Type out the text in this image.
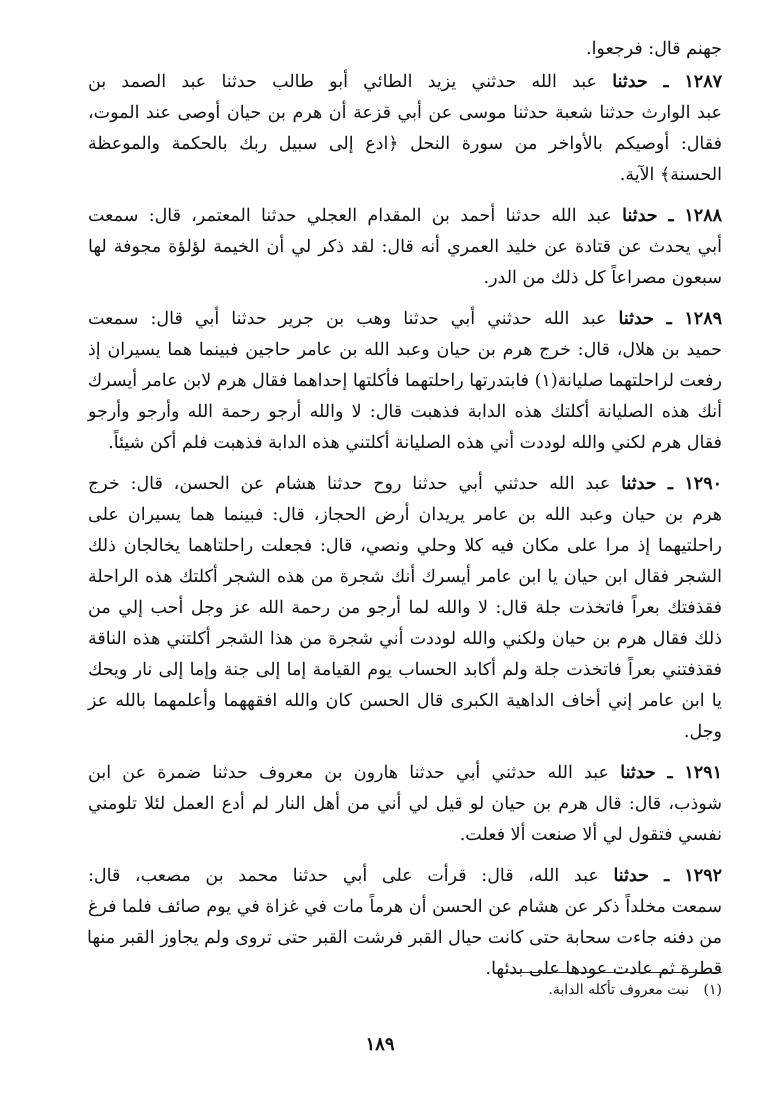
جهنم قال: فرجعوا.
١٢٨٧ ـ حدثنا عبد الله حدثني يزيد الطائي أبو طالب حدثنا عبد الصمد بن
عبد الوارث حدثنا شعبة حدثنا موسى عن أبي قزعة أن هرم بن حيان أوصى عند الموت،
فقال: أوصيكم بالأواخر من سورة النحل ﴿ادع إلى سبيل ربك بالحكمة والموعظة
الحسنة﴾ الآية.
١٢٨٨ ـ حدثنا عبد الله حدثنا أحمد بن المقدام العجلي حدثنا المعتمر، قال: سمعت
أبي يحدث عن قتادة عن خليد العمري أنه قال: لقد ذكر لي أن الخيمة لؤلؤة مجوفة لها
سبعون مصراعاً كل ذلك من الدر.
١٢٨٩ ـ حدثنا عبد الله حدثني أبي حدثنا وهب بن جرير حدثنا أبي قال: سمعت
حميد بن هلال، قال: خرج هرم بن حيان وعبد الله بن عامر حاجين فبينما هما يسيران إذ
رفعت لراحلتهما صليانة(١) فابتدرتها راحلتهما فأكلتها إحداهما فقال هرم لابن عامر أيسرك
أنك هذه الصليانة أكلتك هذه الدابة فذهبت قال: لا والله أرجو رحمة الله وأرجو وأرجو
فقال هرم لكني والله لوددت أني هذه الصليانة أكلتني هذه الدابة فذهبت فلم أكن شيئاً.
١٢٩٠ ـ حدثنا عبد الله حدثني أبي حدثنا روح حدثنا هشام عن الحسن، قال: خرج
هرم بن حيان وعبد الله بن عامر يريدان أرض الحجاز، قال: فبينما هما يسيران على
راحلتيهما إذ مرا على مكان فيه كلا وحلي ونصي، قال: فجعلت راحلتاهما يخالجان ذلك
الشجر فقال ابن حيان يا ابن عامر أيسرك أنك شجرة من هذه الشجر أكلتك هذه الراحلة
فقذفتك بعراً فاتخذت جلة قال: لا والله لما أرجو من رحمة الله عز وجل أحب إلي من
ذلك فقال هرم بن حيان ولكني والله لوددت أني شجرة من هذا الشجر أكلتني هذه الناقة
فقذفتني بعراً فاتخذت جلة ولم أكابد الحساب يوم القيامة إما إلى جنة وإما إلى نار ويحك
يا ابن عامر إني أخاف الداهية الكبرى قال الحسن كان والله افقههما وأعلمهما بالله عز
وجل.
١٢٩١ ـ حدثنا عبد الله حدثني أبي حدثنا هارون بن معروف حدثنا ضمرة عن ابن
شوذب، قال: قال هرم بن حيان لو قيل لي أني من أهل النار لم أدع العمل لئلا تلومني
نفسي فتقول لي ألا صنعت ألا فعلت.
١٢٩٢ ـ حدثنا عبد الله، قال: قرأت على أبي حدثنا محمد بن مصعب، قال:
سمعت مخلداً ذكر عن هشام عن الحسن أن هرماً مات في غزاة في يوم صائف فلما فرغ
من دفنه جاءت سحابة حتى كانت حيال القبر فرشت القبر حتى تروى ولم يجاوز القبر منها
قطرة ثم عادت عودها على بدئها.
(١) نبت معروف تأكله الدابة.
١٨٩
